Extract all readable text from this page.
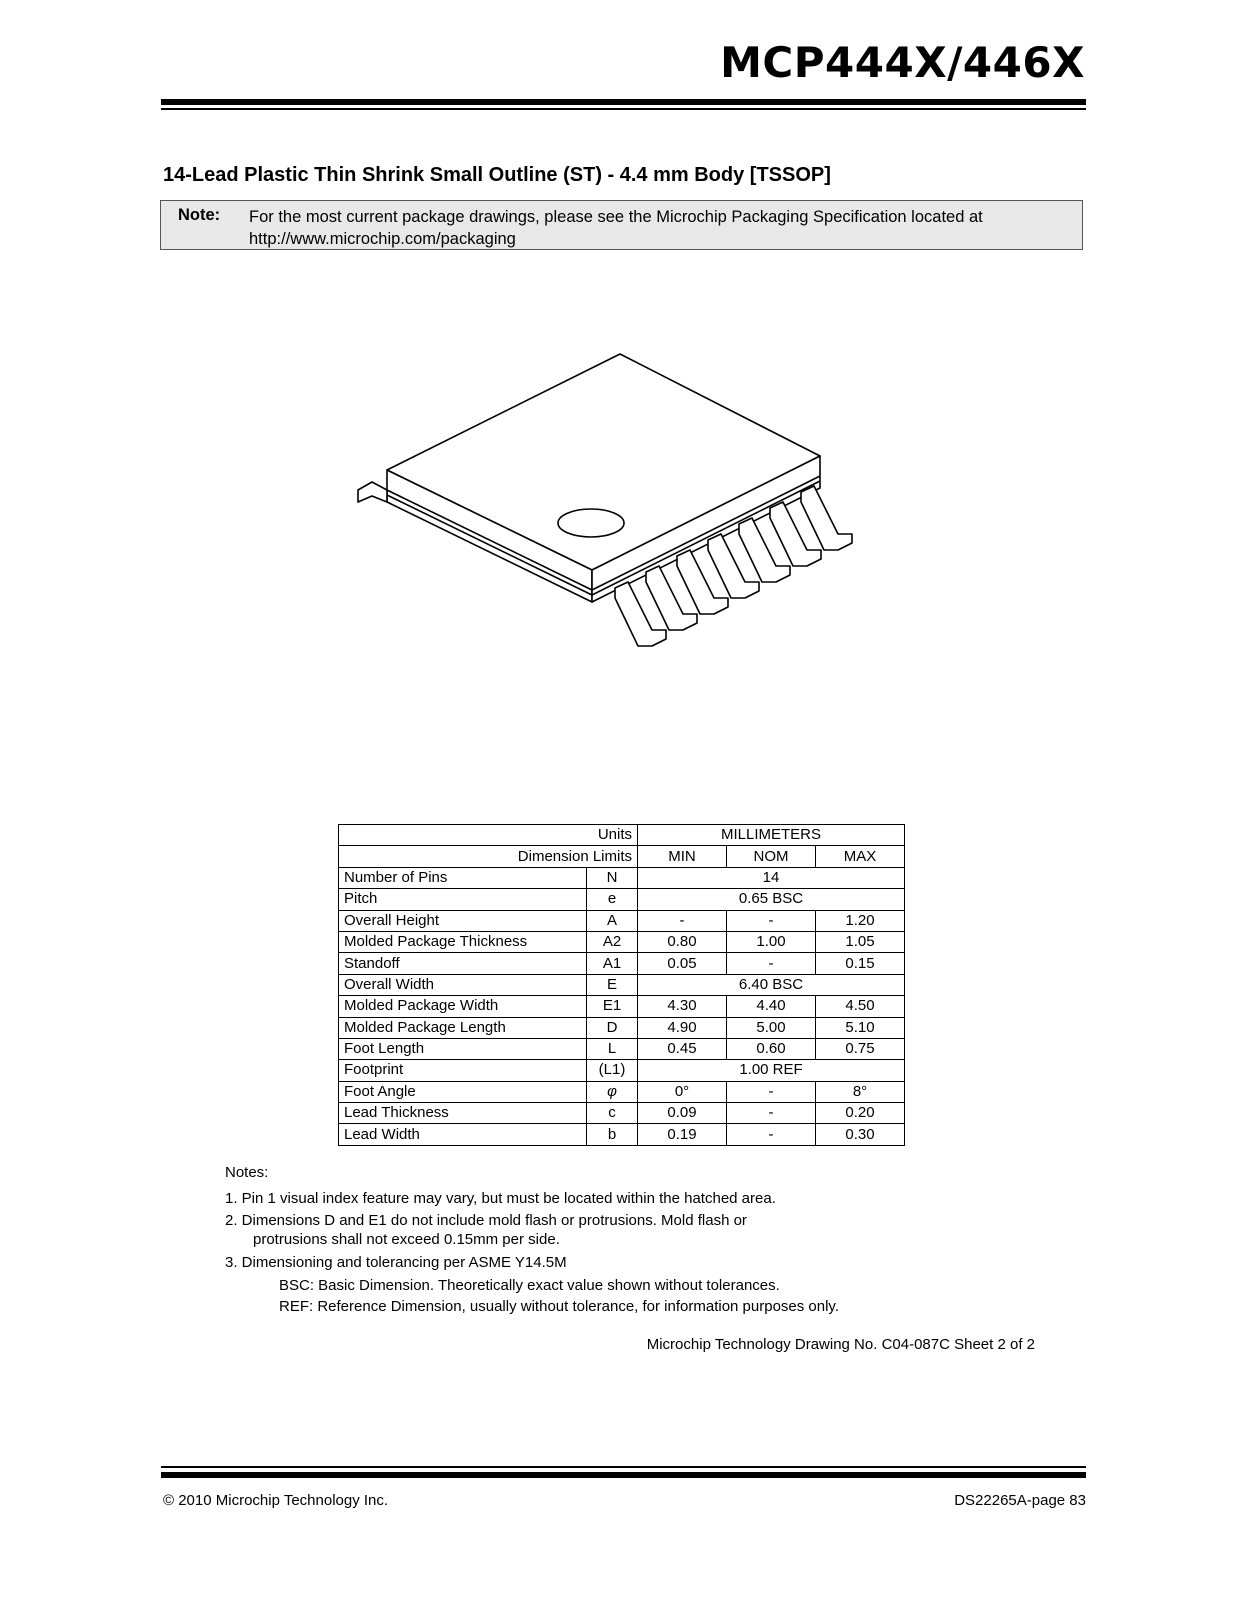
MCP444X/446X
14-Lead Plastic Thin Shrink Small Outline (ST) - 4.4 mm Body [TSSOP]
Note: For the most current package drawings, please see the Microchip Packaging Specification located at
http://www.microchip.com/packaging
Units		MILLIMETERS		
Dimension Limits		MIN	NOM	MAX
Number of Pins	N	14		
Pitch	e	0.65 BSC		
Overall Height	A	-	-	1.20
Molded Package Thickness	A2	0.80	1.00	1.05
Standoff	A1	0.05	-	0.15
Overall Width	E	6.40 BSC		
Molded Package Width	E1	4.30	4.40	4.50
Molded Package Length	D	4.90	5.00	5.10
Foot Length	L	0.45	0.60	0.75
Footprint	(L1)	1.00 REF		
Foot Angle	φ	0°	-	8°
Lead Thickness	c	0.09	-	0.20
Lead Width	b	0.19	-	0.30
Notes:
1. Pin 1 visual index feature may vary, but must be located within the hatched area.
2. Dimensions D and E1 do not include mold flash or protrusions. Mold flash or
protrusions shall not exceed 0.15mm per side.
3. Dimensioning and tolerancing per ASME Y14.5M
BSC: Basic Dimension. Theoretically exact value shown without tolerances.
REF: Reference Dimension, usually without tolerance, for information purposes only.
Microchip Technology Drawing No. C04-087C Sheet 2 of 2
© 2010 Microchip Technology Inc.	DS22265A-page 83
